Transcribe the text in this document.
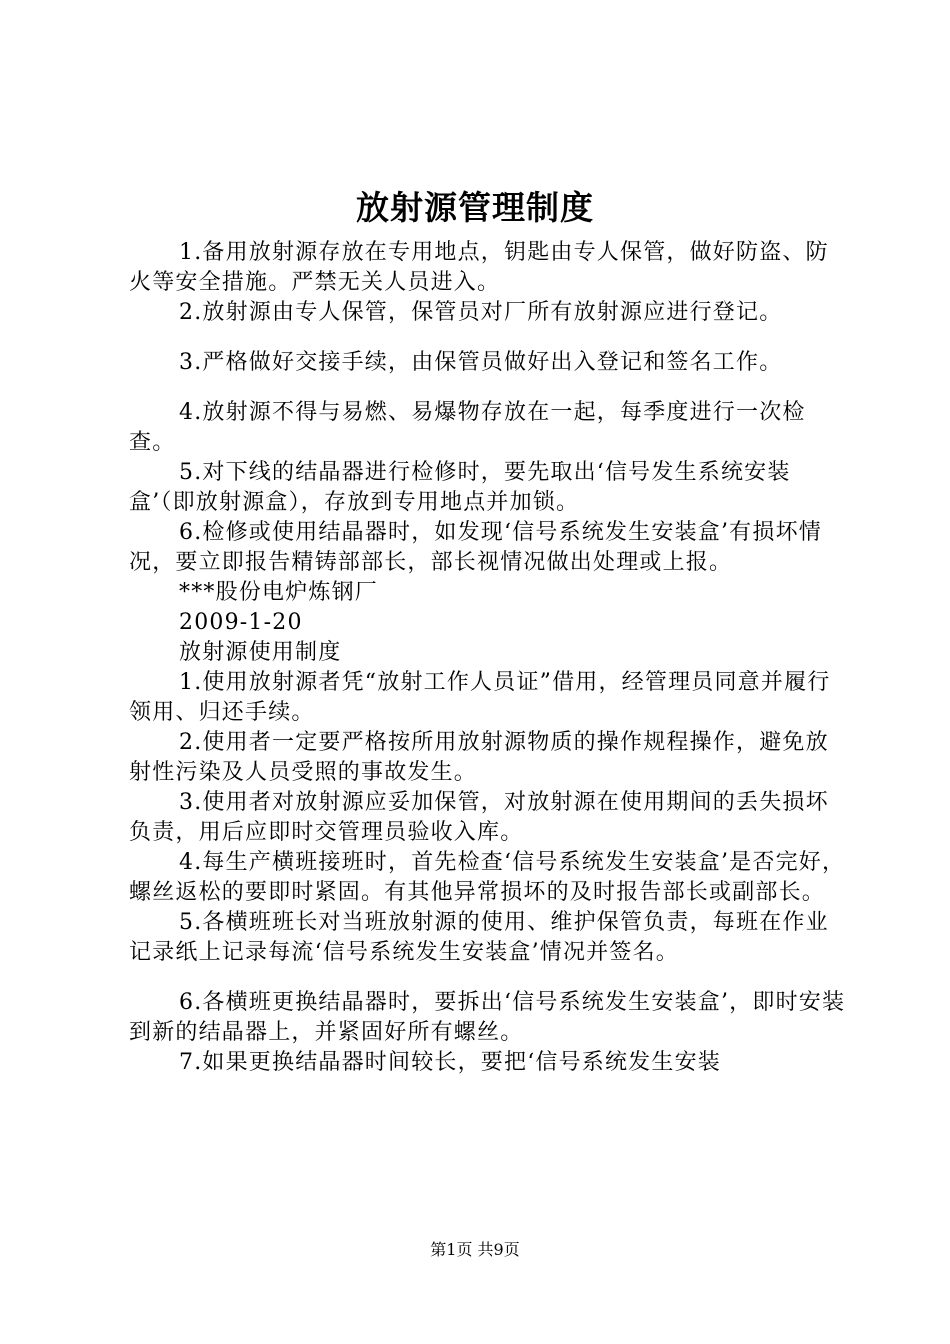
放射源管理制度

1.备用放射源存放在专用地点，钥匙由专人保管，做好防盗、防火等安全措施。严禁无关人员进入。

2.放射源由专人保管，保管员对厂所有放射源应进行登记。

3.严格做好交接手续，由保管员做好出入登记和签名工作。

4.放射源不得与易燃、易爆物存放在一起，每季度进行一次检查。

5.对下线的结晶器进行检修时，要先取出‘信号发生系统安装盒’（即放射源盒），存放到专用地点并加锁。

6.检修或使用结晶器时，如发现‘信号系统发生安装盒’有损坏情况，要立即报告精铸部部长，部长视情况做出处理或上报。

***股份电炉炼钢厂

2009-1-20

放射源使用制度

1.使用放射源者凭“放射工作人员证”借用，经管理员同意并履行领用、归还手续。

2.使用者一定要严格按所用放射源物质的操作规程操作，避免放射性污染及人员受照的事故发生。

3.使用者对放射源应妥加保管，对放射源在使用期间的丢失损坏负责，用后应即时交管理员验收入库。

4.每生产横班接班时，首先检查‘信号系统发生安装盒’是否完好，螺丝返松的要即时紧固。有其他异常损坏的及时报告部长或副部长。

5.各横班班长对当班放射源的使用、维护保管负责，每班在作业记录纸上记录每流‘信号系统发生安装盒’情况并签名。

6.各横班更换结晶器时，要拆出‘信号系统发生安装盒’，即时安装到新的结晶器上，并紧固好所有螺丝。

7.如果更换结晶器时间较长，要把‘信号系统发生安装

第1页 共9页
